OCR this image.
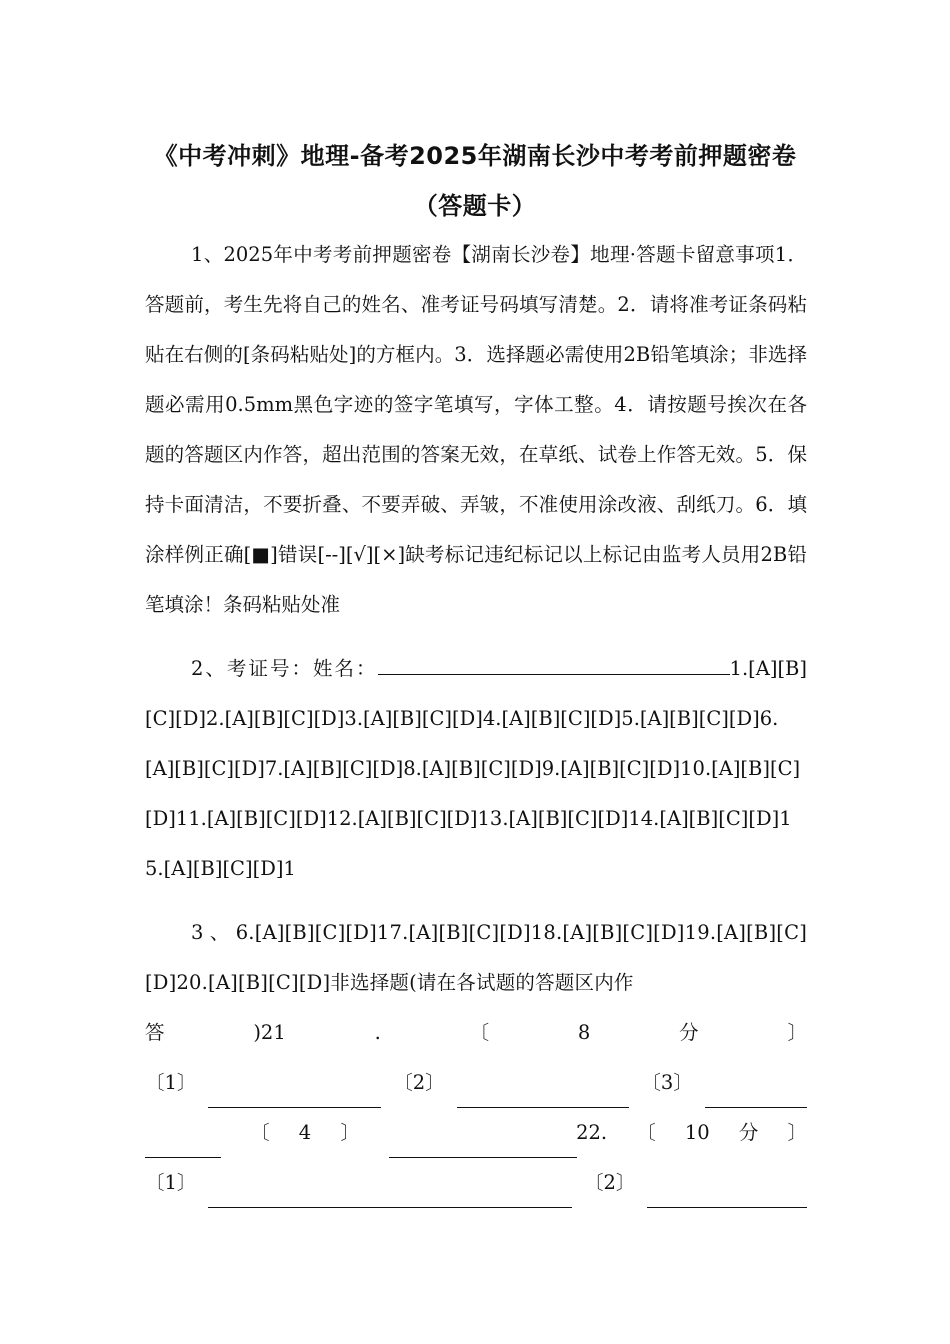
《中考冲刺》地理-备考2025年湖南长沙中考考前押题密卷
（答题卡）

1、2025年中考考前押题密卷【湖南长沙卷】地理·答题卡留意事项1．答题前，考生先将自己的姓名、准考证号码填写清楚。2．请将准考证条码粘贴在右侧的[条码粘贴处]的方框内。3．选择题必需使用2B铅笔填涂；非选择题必需用0.5mm黑色字迹的签字笔填写，字体工整。4．请按题号挨次在各题的答题区内作答，超出范围的答案无效，在草纸、试卷上作答无效。5．保持卡面清洁，不要折叠、不要弄破、弄皱，不准使用涂改液、刮纸刀。6．填涂样例正确[■]错误[--][√][×]缺考标记违纪标记以上标记由监考人员用2B铅笔填涂！条码粘贴处准

2、考证号：姓名：	1.[A][B][C][D]2.[A][B][C][D]3.[A][B][C][D]4.[A][B][C][D]5.[A][B][C][D]6.[A][B][C][D]7.[A][B][C][D]8.[A][B][C][D]9.[A][B][C][D]10.[A][B][C][D]11.[A][B][C][D]12.[A][B][C][D]13.[A][B][C][D]14.[A][B][C][D]15.[A][B][C][D]1

3、6.[A][B][C][D]17.[A][B][C][D]18.[A][B][C][D]19.[A][B][C][D]20.[A][B][C][D]非选择题(请在各试题的答题区内作

答	)21	.	〔	8	分	〕
〔1〕	〔2〕	〔3〕
〔 4 〕	22. 〔 10 分 〕
〔1〕	〔2〕
